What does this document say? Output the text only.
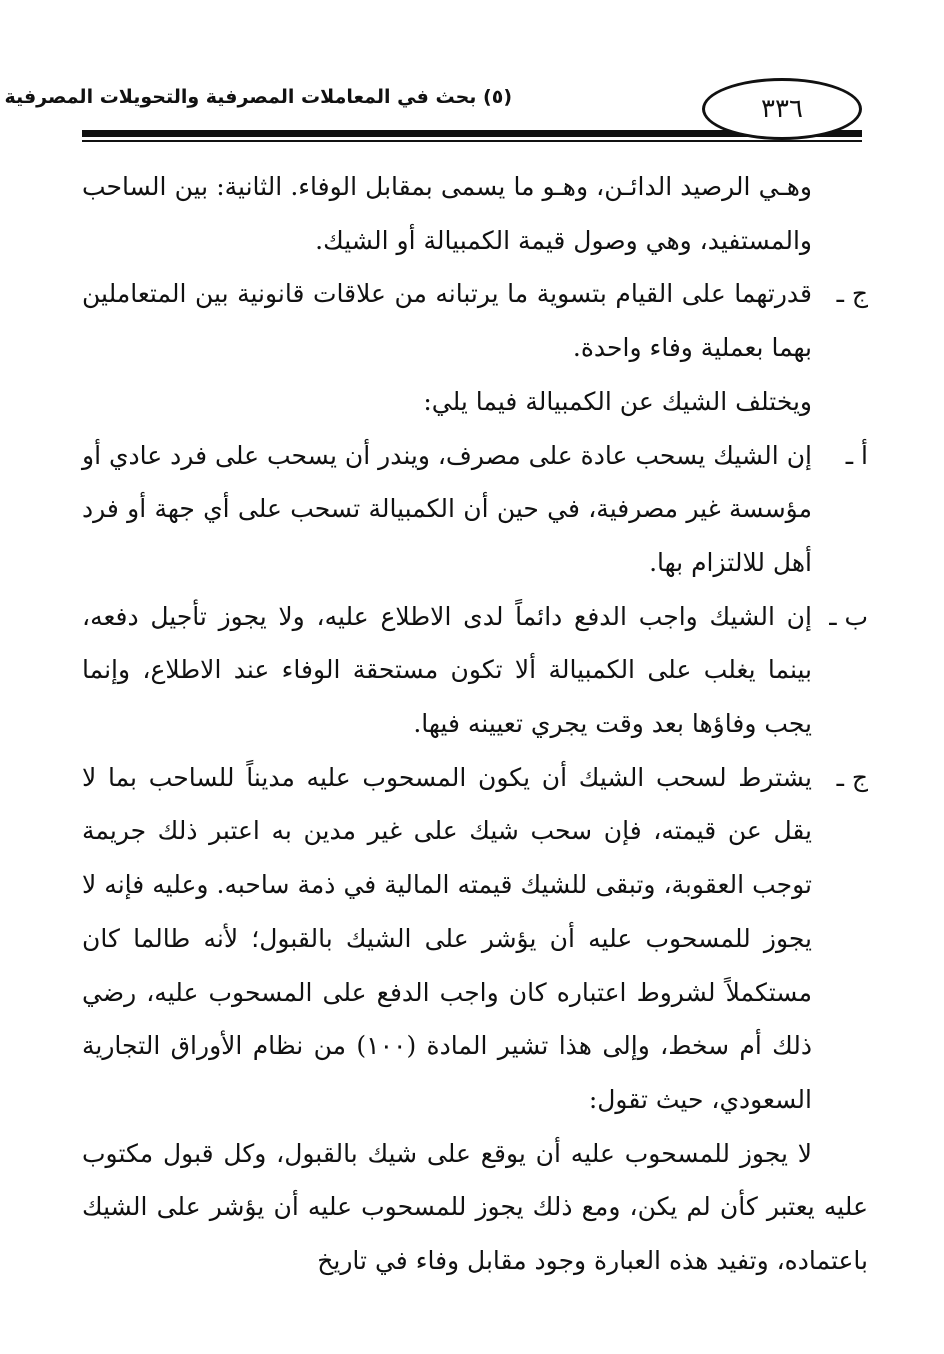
٣٣٦
(٥) بحث في المعاملات المصرفية والتحويلات المصرفية

وهـي الرصيد الدائـن، وهـو ما يسمى بمقابل الوفاء. الثانية: بين الساحب والمستفيد، وهي وصول قيمة الكمبيالة أو الشيك.

ج ـقدرتهما على القيام بتسوية ما يرتبانه من علاقات قانونية بين المتعاملين بهما بعملية وفاء واحدة.

ويختلف الشيك عن الكمبيالة فيما يلي:

أ ـإن الشيك يسحب عادة على مصرف، ويندر أن يسحب على فرد عادي أو مؤسسة غير مصرفية، في حين أن الكمبيالة تسحب على أي جهة أو فرد أهل للالتزام بها.

ب ـإن الشيك واجب الدفع دائماً لدى الاطلاع عليه، ولا يجوز تأجيل دفعه، بينما يغلب على الكمبيالة ألا تكون مستحقة الوفاء عند الاطلاع، وإنما يجب وفاؤها بعد وقت يجري تعيينه فيها.

ج ـيشترط لسحب الشيك أن يكون المسحوب عليه مديناً للساحب بما لا يقل عن قيمته، فإن سحب شيك على غير مدين به اعتبر ذلك جريمة توجب العقوبة، وتبقى للشيك قيمته المالية في ذمة ساحبه. وعليه فإنه لا يجوز للمسحوب عليه أن يؤشر على الشيك بالقبول؛ لأنه طالما كان مستكملاً لشروط اعتباره كان واجب الدفع على المسحوب عليه، رضي ذلك أم سخط، وإلى هذا تشير المادة (١٠٠) من نظام الأوراق التجارية السعودي، حيث تقول:

لا يجوز للمسحوب عليه أن يوقع على شيك بالقبول، وكل قبول مكتوب عليه يعتبر كأن لم يكن، ومع ذلك يجوز للمسحوب عليه أن يؤشر على الشيك باعتماده، وتفيد هذه العبارة وجود مقابل وفاء في تاريخ
